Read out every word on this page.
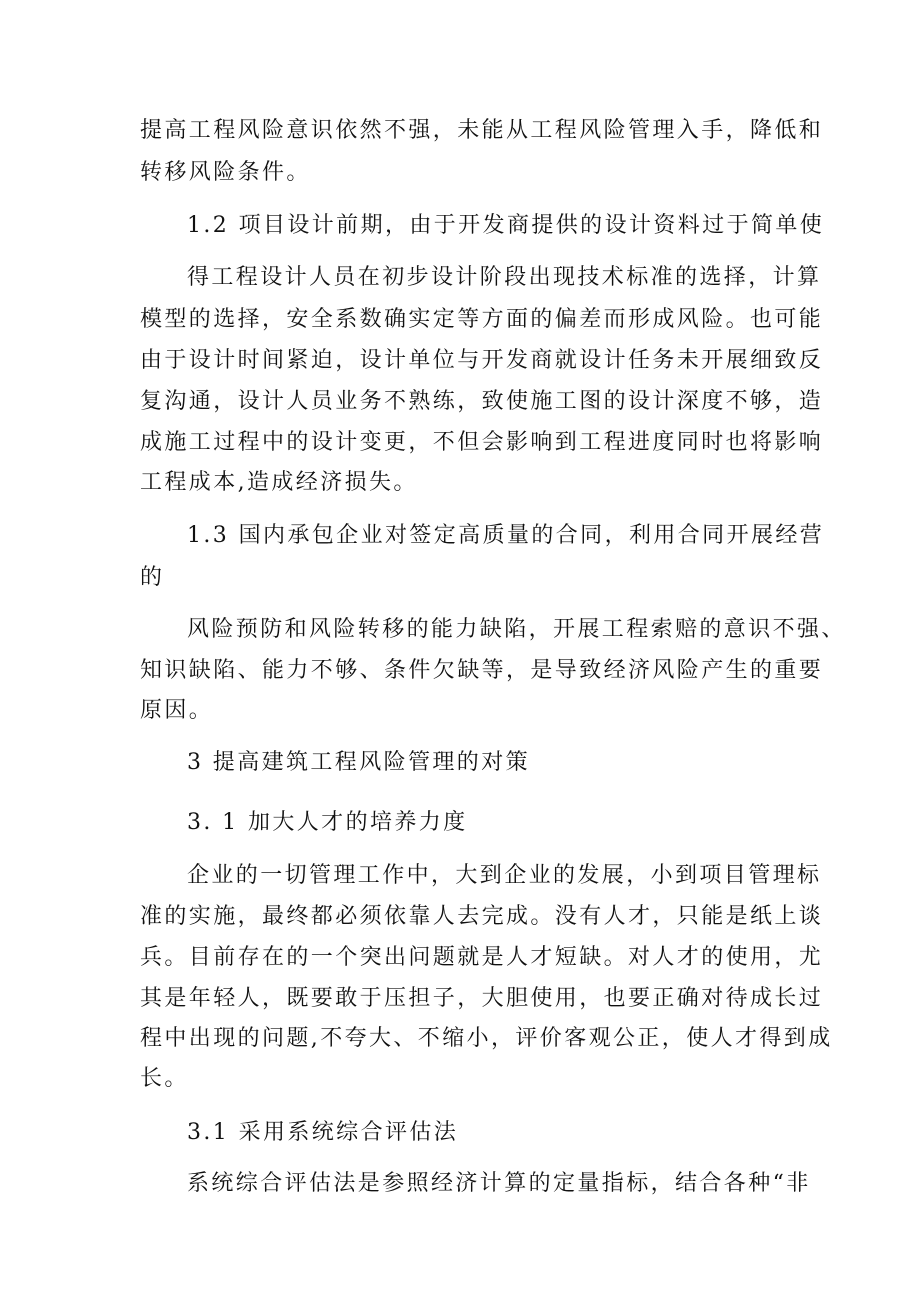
提高工程风险意识依然不强，未能从工程风险管理入手，降低和
转移风险条件。
1.2 项目设计前期，由于开发商提供的设计资料过于简单使
得工程设计人员在初步设计阶段出现技术标准的选择，计算
模型的选择，安全系数确实定等方面的偏差而形成风险。也可能
由于设计时间紧迫，设计单位与开发商就设计任务未开展细致反
复沟通，设计人员业务不熟练，致使施工图的设计深度不够，造
成施工过程中的设计变更，不但会影响到工程进度同时也将影响
工程成本,造成经济损失。
1.3 国内承包企业对签定高质量的合同，利用合同开展经营
的
风险预防和风险转移的能力缺陷，开展工程索赔的意识不强、
知识缺陷、能力不够、条件欠缺等，是导致经济风险产生的重要
原因。
3 提高建筑工程风险管理的对策
3. 1 加大人才的培养力度
企业的一切管理工作中，大到企业的发展，小到项目管理标
准的实施，最终都必须依靠人去完成。没有人才，只能是纸上谈
兵。目前存在的一个突出问题就是人才短缺。对人才的使用，尤
其是年轻人，既要敢于压担子，大胆使用，也要正确对待成长过
程中出现的问题,不夸大、不缩小，评价客观公正，使人才得到成
长。
3.1 采用系统综合评估法
系统综合评估法是参照经济计算的定量指标，结合各种“非
